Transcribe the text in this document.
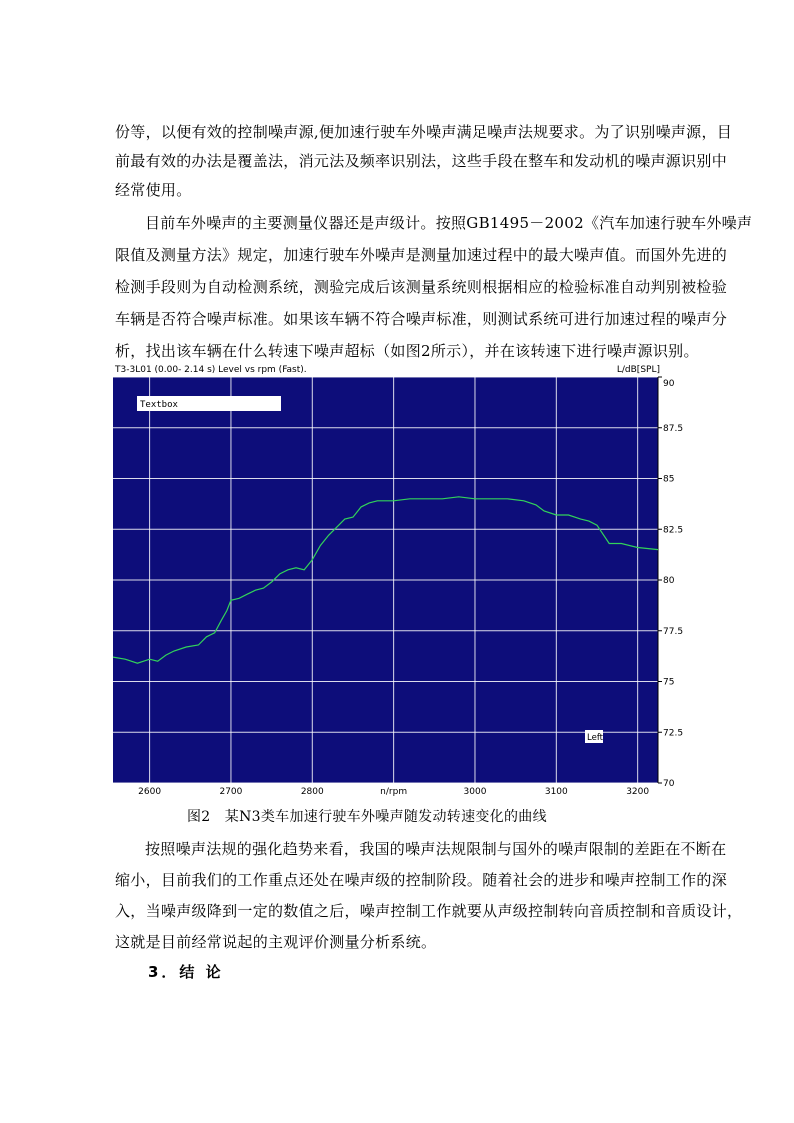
份等，以便有效的控制噪声源,便加速行驶车外噪声满足噪声法规要求。为了识别噪声源，目
前最有效的办法是覆盖法，消元法及频率识别法，这些手段在整车和发动机的噪声源识别中
经常使用。
目前车外噪声的主要测量仪器还是声级计。按照GB1495－2002《汽车加速行驶车外噪声
限值及测量方法》规定，加速行驶车外噪声是测量加速过程中的最大噪声值。而国外先进的
检测手段则为自动检测系统，测验完成后该测量系统则根据相应的检验标准自动判别被检验
车辆是否符合噪声标准。如果该车辆不符合噪声标准，则测试系统可进行加速过程的噪声分
析，找出该车辆在什么转速下噪声超标（如图2所示），并在该转速下进行噪声源识别。
T3-3L01 (0.00- 2.14 s) Level vs rpm (Fast).	L/dB[SPL]
70
72.5
75
77.5
80
82.5
85
87.5
90
2600	2700	2800	n/rpm	3000	3100	3200
Textbox
Left
图2　某N3类车加速行驶车外噪声随发动转速变化的曲线
按照噪声法规的强化趋势来看，我国的噪声法规限制与国外的噪声限制的差距在不断在
缩小，目前我们的工作重点还处在噪声级的控制阶段。随着社会的进步和噪声控制工作的深
入，当噪声级降到一定的数值之后，噪声控制工作就要从声级控制转向音质控制和音质设计，
这就是目前经常说起的主观评价测量分析系统。
3．结 论
